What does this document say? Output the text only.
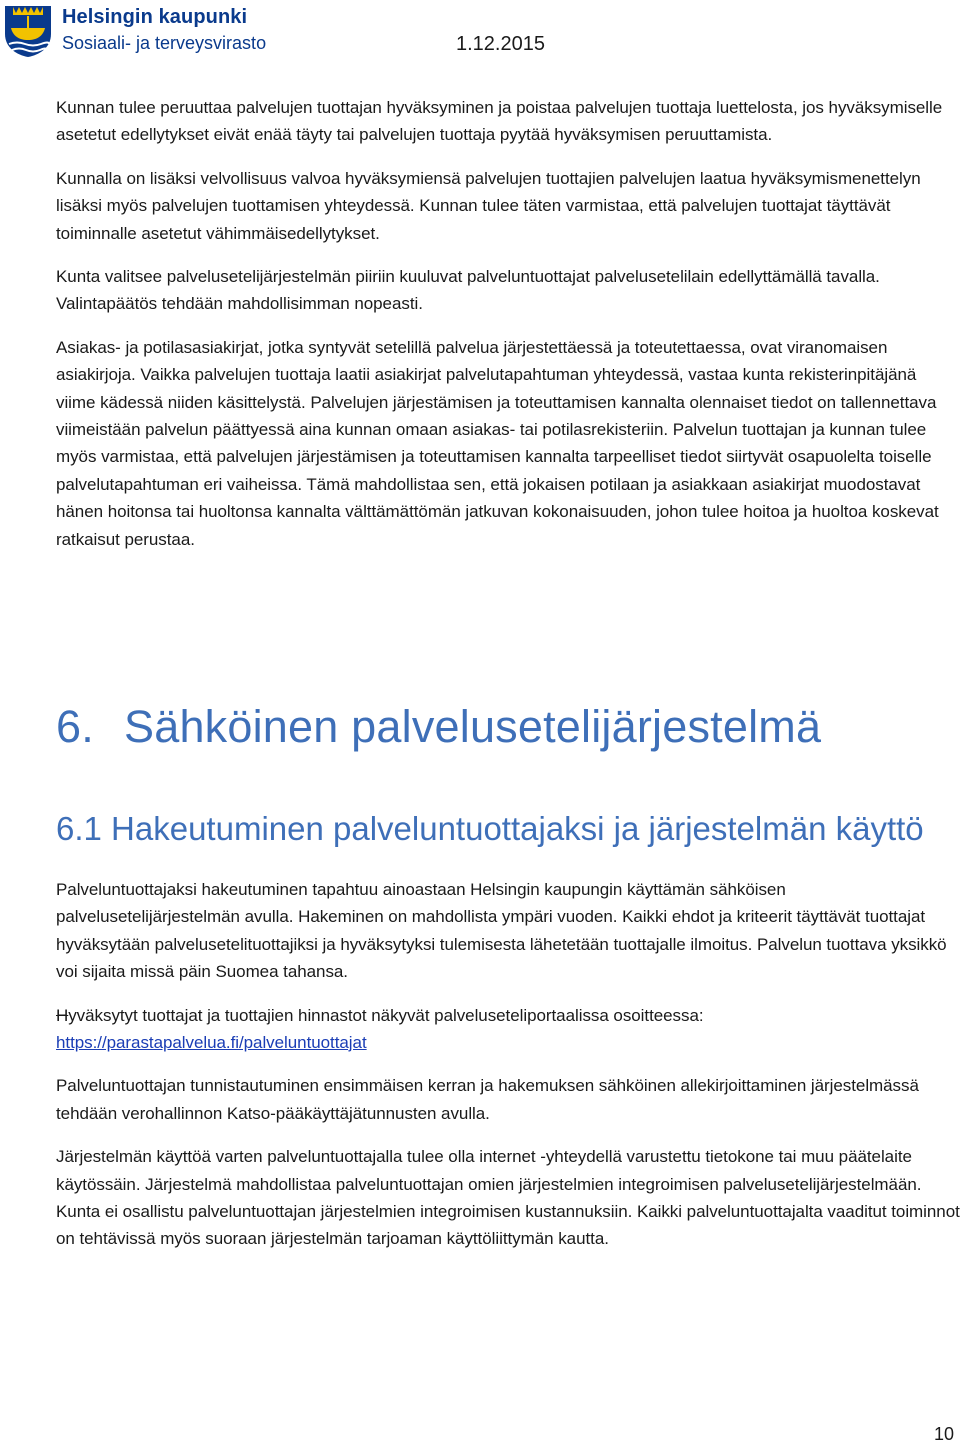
Helsingin kaupunki
Sosiaali- ja terveysvirasto	1.12.2015

Kunnan tulee peruuttaa palvelujen tuottajan hyväksyminen ja poistaa palvelujen tuottaja luettelosta, jos hyväksymiselle asetetut edellytykset eivät enää täyty tai palvelujen tuottaja pyytää hyväksymisen peruuttamista.

Kunnalla on lisäksi velvollisuus valvoa hyväksymiensä palvelujen tuottajien palvelujen laatua hyväksymismenettelyn lisäksi myös palvelujen tuottamisen yhteydessä. Kunnan tulee täten varmistaa, että palvelujen tuottajat täyttävät toiminnalle asetetut vähimmäisedellytykset.

Kunta valitsee palvelusetelijärjestelmän piiriin kuuluvat palveluntuottajat palvelusetelilain edellyttämällä tavalla. Valintapäätös tehdään mahdollisimman nopeasti.

Asiakas- ja potilasasiakirjat, jotka syntyvät setelillä palvelua järjestettäessä ja toteutettaessa, ovat viranomaisen asiakirjoja. Vaikka palvelujen tuottaja laatii asiakirjat palvelutapahtuman yhteydessä, vastaa kunta rekisterinpitäjänä viime kädessä niiden käsittelystä. Palvelujen järjestämisen ja toteuttamisen kannalta olennaiset tiedot on tallennettava viimeistään palvelun päättyessä aina kunnan omaan asiakas- tai potilasrekisteriin. Palvelun tuottajan ja kunnan tulee myös varmistaa, että palvelujen järjestämisen ja toteuttamisen kannalta tarpeelliset tiedot siirtyvät osapuolelta toiselle palvelutapahtuman eri vaiheissa. Tämä mahdollistaa sen, että jokaisen potilaan ja asiakkaan asiakirjat muodostavat hänen hoitonsa tai huoltonsa kannalta välttämättömän jatkuvan kokonaisuuden, johon tulee hoitoa ja huoltoa koskevat ratkaisut perustaa.

6. Sähköinen palvelusetelijärjestelmä
6.1 Hakeutuminen palveluntuottajaksi ja järjestelmän käyttö

Palveluntuottajaksi hakeutuminen tapahtuu ainoastaan Helsingin kaupungin käyttämän sähköisen palvelusetelijärjestelmän avulla. Hakeminen on mahdollista ympäri vuoden. Kaikki ehdot ja kriteerit täyttävät tuottajat hyväksytään palvelusetelituottajiksi ja hyväksytyksi tulemisesta lähetetään tuottajalle ilmoitus. Palvelun tuottava yksikkö voi sijaita missä päin Suomea tahansa.

Hyväksytyt tuottajat ja tuottajien hinnastot näkyvät palveluseteliportaalissa osoitteessa:
https://parastapalvelua.fi/palveluntuottajat

Palveluntuottajan tunnistautuminen ensimmäisen kerran ja hakemuksen sähköinen allekirjoittaminen järjestelmässä tehdään verohallinnon Katso-pääkäyttäjätunnusten avulla.

Järjestelmän käyttöä varten palveluntuottajalla tulee olla internet -yhteydellä varustettu tietokone tai muu päätelaite käytössäin. Järjestelmä mahdollistaa palveluntuottajan omien järjestelmien integroimisen palvelusetelijärjestelmään. Kunta ei osallistu palveluntuottajan järjestelmien integroimisen kustannuksiin. Kaikki palveluntuottajalta vaaditut toiminnot on tehtävissä myös suoraan järjestelmän tarjoaman käyttöliittymän kautta.

10
